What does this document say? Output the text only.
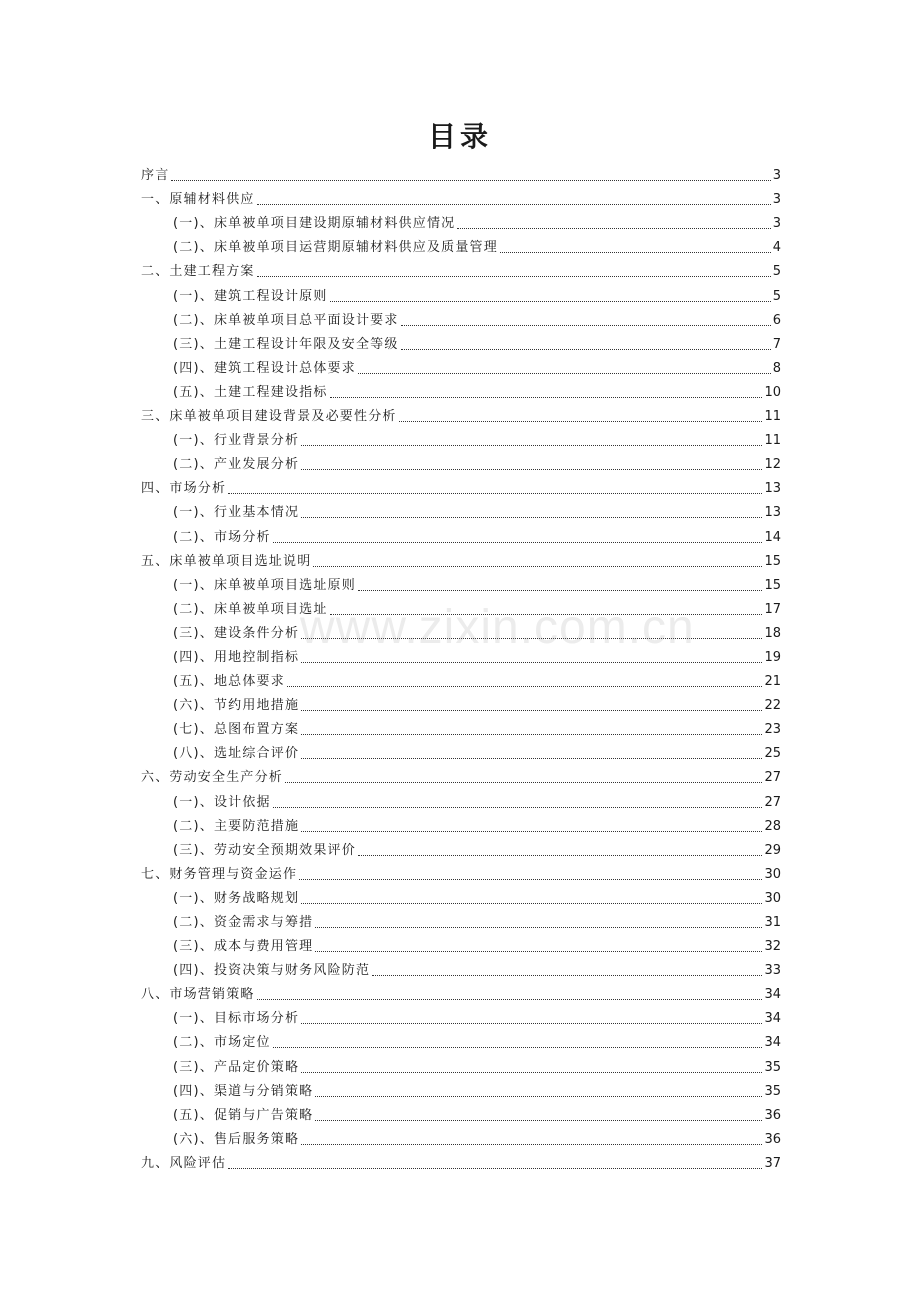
目录
序言	3
一、原辅材料供应	3
(一)、床单被单项目建设期原辅材料供应情况	3
(二)、床单被单项目运营期原辅材料供应及质量管理	4
二、土建工程方案	5
(一)、建筑工程设计原则	5
(二)、床单被单项目总平面设计要求	6
(三)、土建工程设计年限及安全等级	7
(四)、建筑工程设计总体要求	8
(五)、土建工程建设指标	10
三、床单被单项目建设背景及必要性分析	11
(一)、行业背景分析	11
(二)、产业发展分析	12
四、市场分析	13
(一)、行业基本情况	13
(二)、市场分析	14
五、床单被单项目选址说明	15
(一)、床单被单项目选址原则	15
(二)、床单被单项目选址	17
(三)、建设条件分析	18
(四)、用地控制指标	19
(五)、地总体要求	21
(六)、节约用地措施	22
(七)、总图布置方案	23
(八)、选址综合评价	25
六、劳动安全生产分析	27
(一)、设计依据	27
(二)、主要防范措施	28
(三)、劳动安全预期效果评价	29
七、财务管理与资金运作	30
(一)、财务战略规划	30
(二)、资金需求与筹措	31
(三)、成本与费用管理	32
(四)、投资决策与财务风险防范	33
八、市场营销策略	34
(一)、目标市场分析	34
(二)、市场定位	34
(三)、产品定价策略	35
(四)、渠道与分销策略	35
(五)、促销与广告策略	36
(六)、售后服务策略	36
九、风险评估	37
www.zixin.com.cn
